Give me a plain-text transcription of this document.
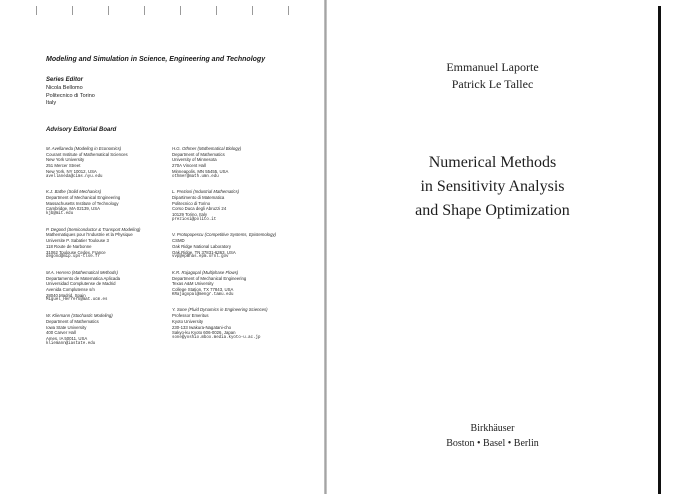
Modeling and Simulation in Science, Engineering and Technology
Series Editor
Nicola Bellomo
Politecnico di Torino
Italy
Advisory Editorial Board
M. Avellaneda (Modeling in Economics)
Courant Institute of Mathematical Sciences
New York University
251 Mercer Street
New York, NY 10012, USA
avellaneda@cims.nyu.edu
K.J. Bathe (Solid Mechanics)
Department of Mechanical Engineering
Massachusetts Institute of Technology
Cambridge, MA 02139, USA
kjb@mit.edu
P. Degond (Semiconductor & Transport Modeling)
Mathematiques pour l'Industrie et la Physique
Universite P. Sabatier Toulouse 3
118 Route de Narbonne
31062 Toulouse Cedex, France
degond@mip.ups-tlse.fr
M.A. Herrero (Mathematical Methods)
Departamento de Matematica Aplicada
Universidad Complutense de Madrid
Avenida Complutense s/n
28040 Madrid, Spain
Miguel_Herrero@mat.ucm.es
W. Kliemann (Stochastic Modeling)
Department of Mathematics
Iowa State University
400 Carver Hall
Ames, IA 50011, USA
kliemann@iastate.edu
H.G. Othmer (Mathematical Biology)
Department of Mathematics
University of Minnesota
270A Vincent Hall
Minneapolis, MN 55455, USA
othmer@math.umn.edu
L. Preziosi (Industrial Mathematics)
Dipartimento di Matematica
Politecnico di Torino
Corso Duca degli Abruzzi 24
10129 Torino, Italy
preziosi@polito.it
V. Protopopescu (Competitive Systems, Epistemology)
CSMD
Oak Ridge National Laboratory
Oak Ridge, TN 37831-6363, USA
vvp@epmnas.epm.ornl.gov
K.R. Rajagopal (Multiphase Flows)
Department of Mechanical Engineering
Texas A&M University
College Station, TX 77843, USA
KRajagopal@mengr.tamu.edu
Y. Sone (Fluid Dynamics in Engineering Sciences)
Professor Emeritus
Kyoto University
230-133 Iwakura-Nagatani-cho
Sakyo-ku Kyoto 606-0026, Japan
sone@yoshio.mbox.media.kyoto-u.ac.jp
Emmanuel Laporte
Patrick Le Tallec
Numerical Methods
in Sensitivity Analysis
and Shape Optimization
Birkhäuser
Boston • Basel • Berlin
